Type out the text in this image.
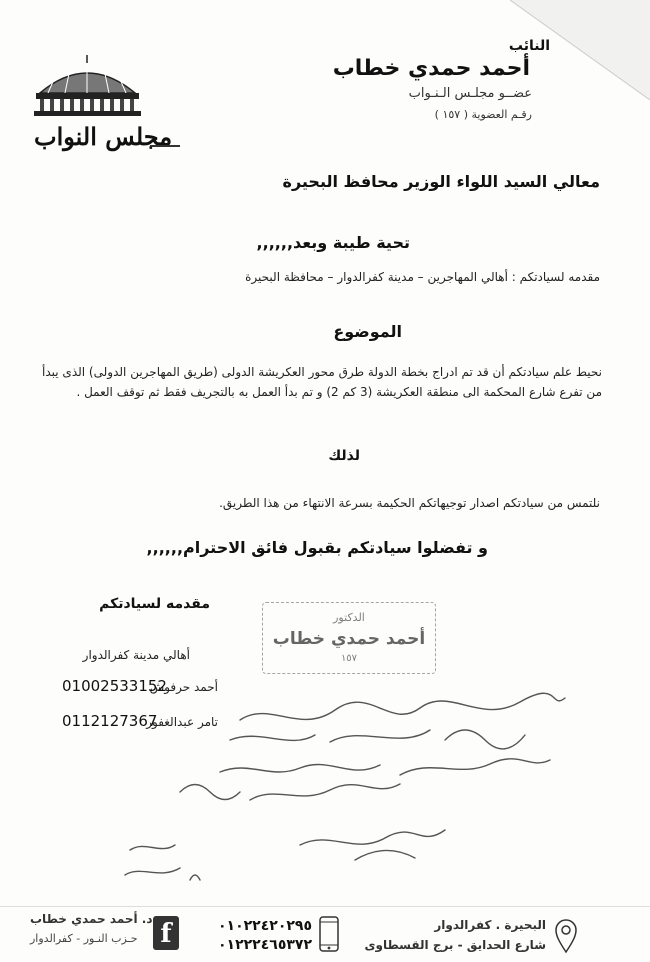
النائب
أحمد حمدي خطاب
عضــو مجلـس الـنـواب
رقـم العضوية ( ١٥٧ )
مجلس النواب
معالي السيد اللواء الوزير محافظ البحيرة
تحية طيبة وبعد,,,,,,
مقدمه لسيادتكم : أهالي المهاجرين – مدينة كفرالدوار – محافظة البحيرة
الموضوع
نحيط علم سيادتكم أن قد تم ادراج بخطة الدولة طرق محور العكريشة الدولى (طريق المهاجرين الدولى) الذى يبدأ من تفرع شارع المحكمة الى منطقة العكريشة (3 كم 2) و تم بدأ العمل به بالتجريف فقط ثم توقف العمل .
لذلك
نلتمس من سيادتكم اصدار توجيهاتكم الحكيمة بسرعة الانتهاء من هذا الطريق.
و تفضلوا سيادتكم بقبول فائق الاحترام,,,,,,
مقدمه لسيادتكم
أهالي مدينة كفرالدوار
أحمد حرفوش
01002533152
تامر عبدالغفور
0112127367
الدكتور
أحمد حمدي خطاب
١٥٧
د. أحمد حمدي خطاب
حـزب النـور - كفرالدوار f	٠١٠٢٢٤٢٠٢٩٥
٠١٢٢٢٤٦٥٣٧٢
البحيرة . كفرالدوار
شارع الحدايق - برج القسطاوى
